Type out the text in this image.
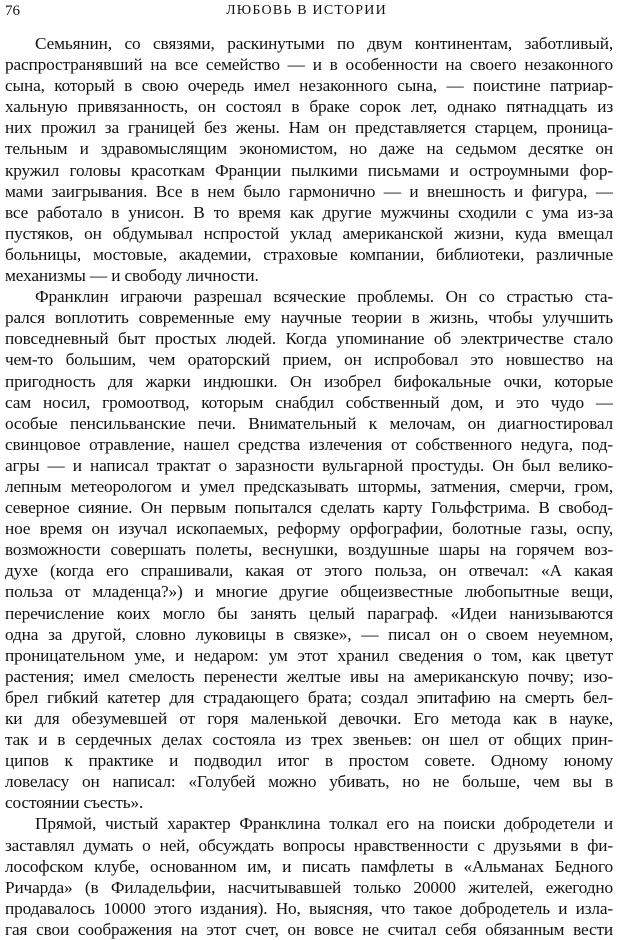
76	ЛЮБОВЬ В ИСТОРИИ
Семьянин, со связями, раскинутыми по двум континентам, заботливый,
распространявший на все семейство — и в особенности на своего незаконного
сына, который в свою очередь имел незаконного сына, — поистине патриар-
хальную привязанность, он состоял в браке сорок лет, однако пятнадцать из
них прожил за границей без жены. Нам он представляется старцем, проница-
тельным и здравомыслящим экономистом, но даже на седьмом десятке он
кружил головы красоткам Франции пылкими письмами и остроумными фор-
мами заигрывания. Все в нем было гармонично — и внешность и фигура, —
все работало в унисон. В то время как другие мужчины сходили с ума из-за
пустяков, он обдумывал нспростой уклад американской жизни, куда вмещал
больницы, мостовые, академии, страховые компании, библиотеки, различные
механизмы — и свободу личности.
Франклин играючи разрешал всяческие проблемы. Он со страстью ста-
рался воплотить современные ему научные теории в жизнь, чтобы улучшить
повседневный быт простых людей. Когда упоминание об электричестве стало
чем-то большим, чем ораторский прием, он испробовал это новшество на
пригодность для жарки индюшки. Он изобрел бифокальные очки, которые
сам носил, громоотвод, которым снабдил собственный дом, и это чудо —
особые пенсильванские печи. Внимательный к мелочам, он диагностировал
свинцовое отравление, нашел средства излечения от собственного недуга, под-
агры — и написал трактат о заразности вульгарной простуды. Он был велико-
лепным метеорологом и умел предсказывать штормы, затмения, смерчи, гром,
северное сияние. Он первым попытался сделать карту Гольфстрима. В свобод-
ное время он изучал ископаемых, реформу орфографии, болотные газы, оспу,
возможности совершать полеты, веснушки, воздушные шары на горячем воз-
духе (когда его спрашивали, какая от этого польза, он отвечал: «А какая
польза от младенца?») и многие другие общеизвестные любопытные вещи,
перечисление коих могло бы занять целый параграф. «Идеи нанизываются
одна за другой, словно луковицы в связке», — писал он о своем неуемном,
проницательном уме, и недаром: ум этот хранил сведения о том, как цветут
растения; имел смелость перенести желтые ивы на американскую почву; изо-
брел гибкий катетер для страдающего брата; создал эпитафию на смерть бел-
ки для обезумевшей от горя маленькой девочки. Его метода как в науке,
так и в сердечных делах состояла из трех звеньев: он шел от общих прин-
ципов к практике и подводил итог в простом совете. Одному юному
ловеласу он написал: «Голубей можно убивать, но не больше, чем вы в
состоянии съесть».
Прямой, чистый характер Франклина толкал его на поиски добродетели и
заставлял думать о ней, обсуждать вопросы нравственности с друзьями в фи-
лософском клубе, основанном им, и писать памфлеты в «Альманах Бедного
Ричарда» (в Филадельфии, насчитывавшей только 20000 жителей, ежегодно
продавалось 10000 этого издания). Но, выясняя, что такое добродетель и изла-
гая свои соображения на этот счет, он вовсе не считал себя обязанным вести
